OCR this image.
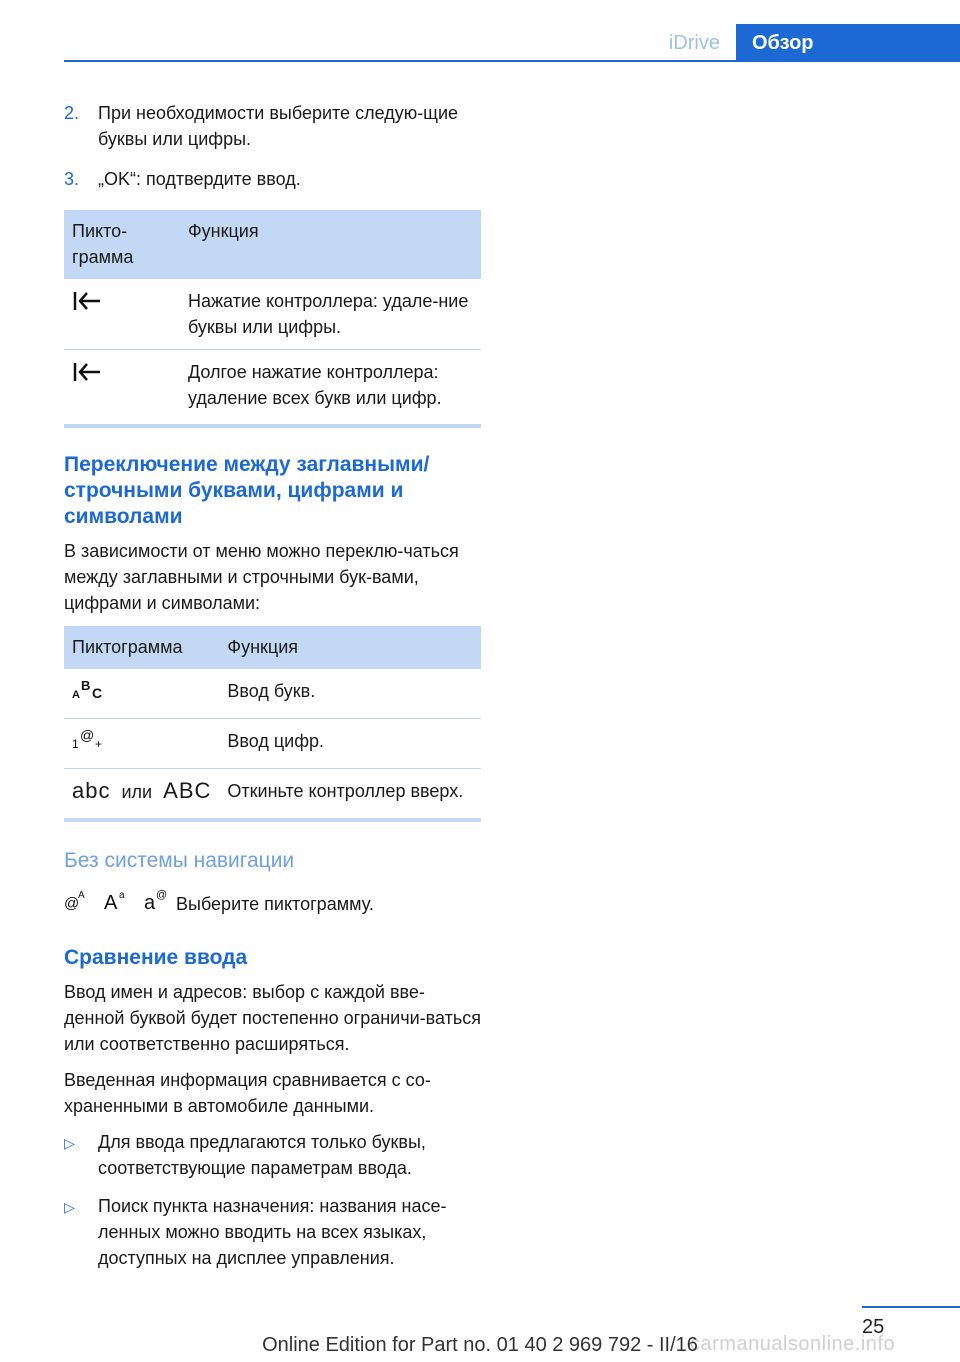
iDrive	Обзор
2.	При необходимости выберите следую-щие буквы или цифры.
3.	„OK“: подтвердите ввод.
Пикто-грамма	Функция
	Нажатие контроллера: удале-ние буквы или цифры.
	Долгое нажатие контроллера: удаление всех букв или цифр.
Переключение между заглавными/ строчными буквами, цифрами и символами

В зависимости от меню можно переклю-чаться между заглавными и строчными бук-вами, цифрами и символами:

Пиктограмма	Функция

A
B C	Ввод букв.

1
@
+	Ввод цифр.
abc или ABC	Откиньте контроллер вверх.
Без системы навигации
@
A A a a @ Выберите пиктограмму.
Сравнение ввода

Ввод имен и адресов: выбор с каждой вве-денной буквой будет постепенно ограничи-ваться или соответственно расширяться.

Введенная информация сравнивается с со-храненными в автомобиле данными.

▷	Для ввода предлагаются только буквы, соответствующие параметрам ввода.
▷	Поиск пункта назначения: названия насе-ленных можно вводить на всех языках, доступных на дисплее управления.
25
carmanualsonline.info
Online Edition for Part no. 01 40 2 969 792 - II/16
